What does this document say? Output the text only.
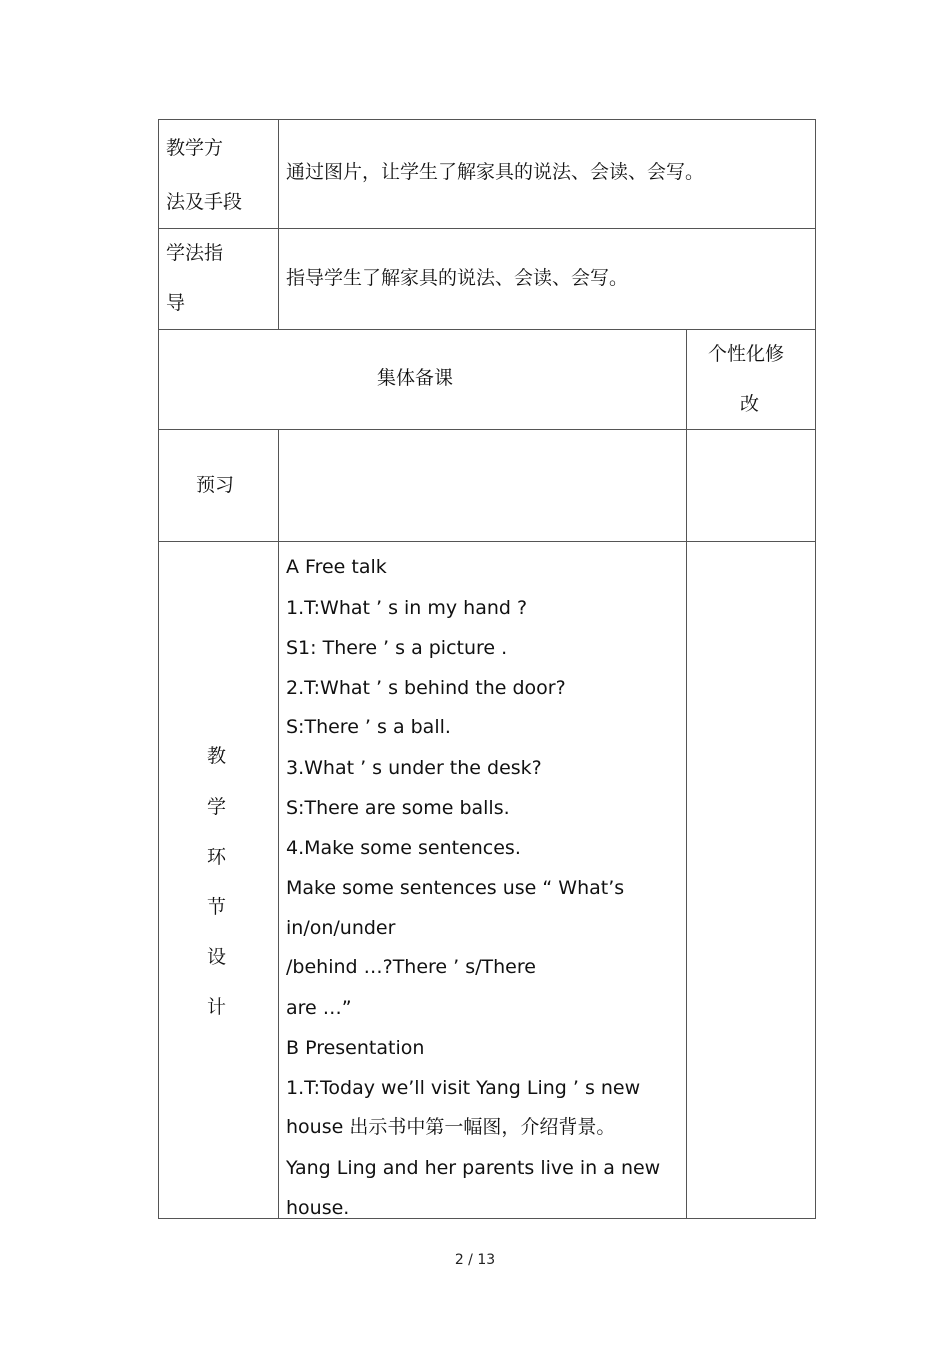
教学方
法及手段
通过图片，让学生了解家具的说法、会读、会写。
学法指
导
指导学生了解家具的说法、会读、会写。
集体备课
个性化修
改
预习
教
学
环
节
设
计

A Free talk

1.T:What ’ s in my hand ?

S1: There ’ s a picture .

2.T:What ’ s behind the door?

S:There ’ s a ball.

3.What ’ s under the desk?

S:There are some balls.

4.Make some sentences.

Make some sentences use “ What’s

in/on/under

/behind …?There ’ s/There

are …”

B Presentation

1.T:Today we’ll visit Yang Ling ’ s new

house 出示书中第一幅图，介绍背景。

Yang Ling and her parents live in a new

house.

2 / 13
